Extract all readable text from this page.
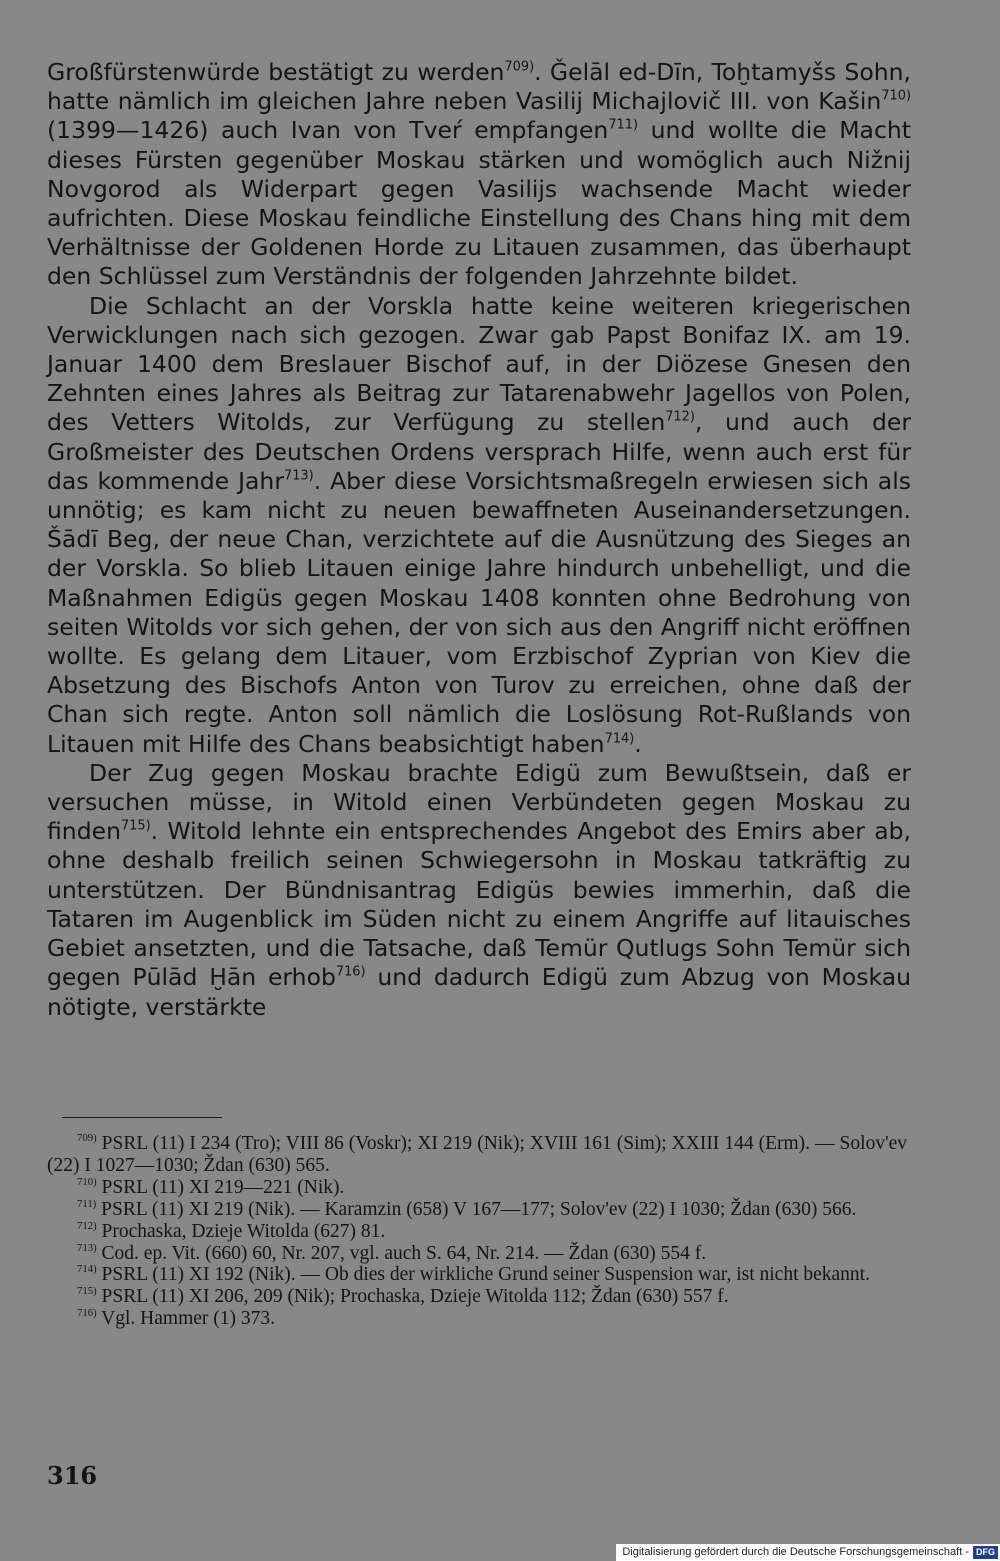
Großfürstenwürde bestätigt zu werden$^{709)}$. Ǧelāl ed-Dīn, Toḫtamyšs Sohn, hatte nämlich im gleichen Jahre neben Vasilij Michajlovič III. von Kašin$^{710)}$ (1399—1426) auch Ivan von Tveŕ empfangen$^{711)}$ und wollte die Macht dieses Fürsten gegenüber Moskau stärken und womöglich auch Nižnij Novgorod als Widerpart gegen Vasilijs wachsende Macht wieder aufrichten. Diese Moskau feindliche Einstellung des Chans hing mit dem Verhältnisse der Goldenen Horde zu Litauen zusammen, das überhaupt den Schlüssel zum Verständnis der folgenden Jahrzehnte bildet.

Die Schlacht an der Vorskla hatte keine weiteren kriegerischen Verwicklungen nach sich gezogen. Zwar gab Papst Bonifaz IX. am 19. Januar 1400 dem Breslauer Bischof auf, in der Diözese Gnesen den Zehnten eines Jahres als Beitrag zur Tatarenabwehr Jagellos von Polen, des Vetters Witolds, zur Verfügung zu stellen$^{712)}$, und auch der Großmeister des Deutschen Ordens versprach Hilfe, wenn auch erst für das kommende Jahr$^{713)}$. Aber diese Vorsichtsmaßregeln erwiesen sich als unnötig; es kam nicht zu neuen bewaffneten Auseinandersetzungen. Šādī Beg, der neue Chan, verzichtete auf die Ausnützung des Sieges an der Vorskla. So blieb Litauen einige Jahre hindurch unbehelligt, und die Maßnahmen Edigüs gegen Moskau 1408 konnten ohne Bedrohung von seiten Witolds vor sich gehen, der von sich aus den Angriff nicht eröffnen wollte. Es gelang dem Litauer, vom Erzbischof Zyprian von Kiev die Absetzung des Bischofs Anton von Turov zu erreichen, ohne daß der Chan sich regte. Anton soll nämlich die Loslösung Rot-Rußlands von Litauen mit Hilfe des Chans beabsichtigt haben$^{714)}$.

Der Zug gegen Moskau brachte Edigü zum Bewußtsein, daß er versuchen müsse, in Witold einen Verbündeten gegen Moskau zu finden$^{715)}$. Witold lehnte ein entsprechendes Angebot des Emirs aber ab, ohne deshalb freilich seinen Schwiegersohn in Moskau tatkräftig zu unterstützen. Der Bündnisantrag Edigüs bewies immerhin, daß die Tataren im Augenblick im Süden nicht zu einem Angriffe auf litauisches Gebiet ansetzten, und die Tatsache, daß Temür Qutlugs Sohn Temür sich gegen Pūlād Ḫān erhob$^{716)}$ und dadurch Edigü zum Abzug von Moskau nötigte, verstärkte

$^{709)}$ PSRL (11) I 234 (Tro); VIII 86 (Voskr); XI 219 (Nik); XVIII 161 (Sim); XXIII 144 (Erm). — Solov'ev (22) I 1027—1030; Ždan (630) 565.

$^{710)}$ PSRL (11) XI 219—221 (Nik).

$^{711)}$ PSRL (11) XI 219 (Nik). — Karamzin (658) V 167—177; Solov'ev (22) I 1030; Ždan (630) 566.

$^{712)}$ Prochaska, Dzieje Witolda (627) 81.

$^{713)}$ Cod. ep. Vit. (660) 60, Nr. 207, vgl. auch S. 64, Nr. 214. — Ždan (630) 554 f.

$^{714)}$ PSRL (11) XI 192 (Nik). — Ob dies der wirkliche Grund seiner Suspension war, ist nicht bekannt.

$^{715)}$ PSRL (11) XI 206, 209 (Nik); Prochaska, Dzieje Witolda 112; Ždan (630) 557 f.

$^{716)}$ Vgl. Hammer (1) 373.

316
Digitalisierung gefördert durch die Deutsche Forschungsgemeinschaft - DFG
